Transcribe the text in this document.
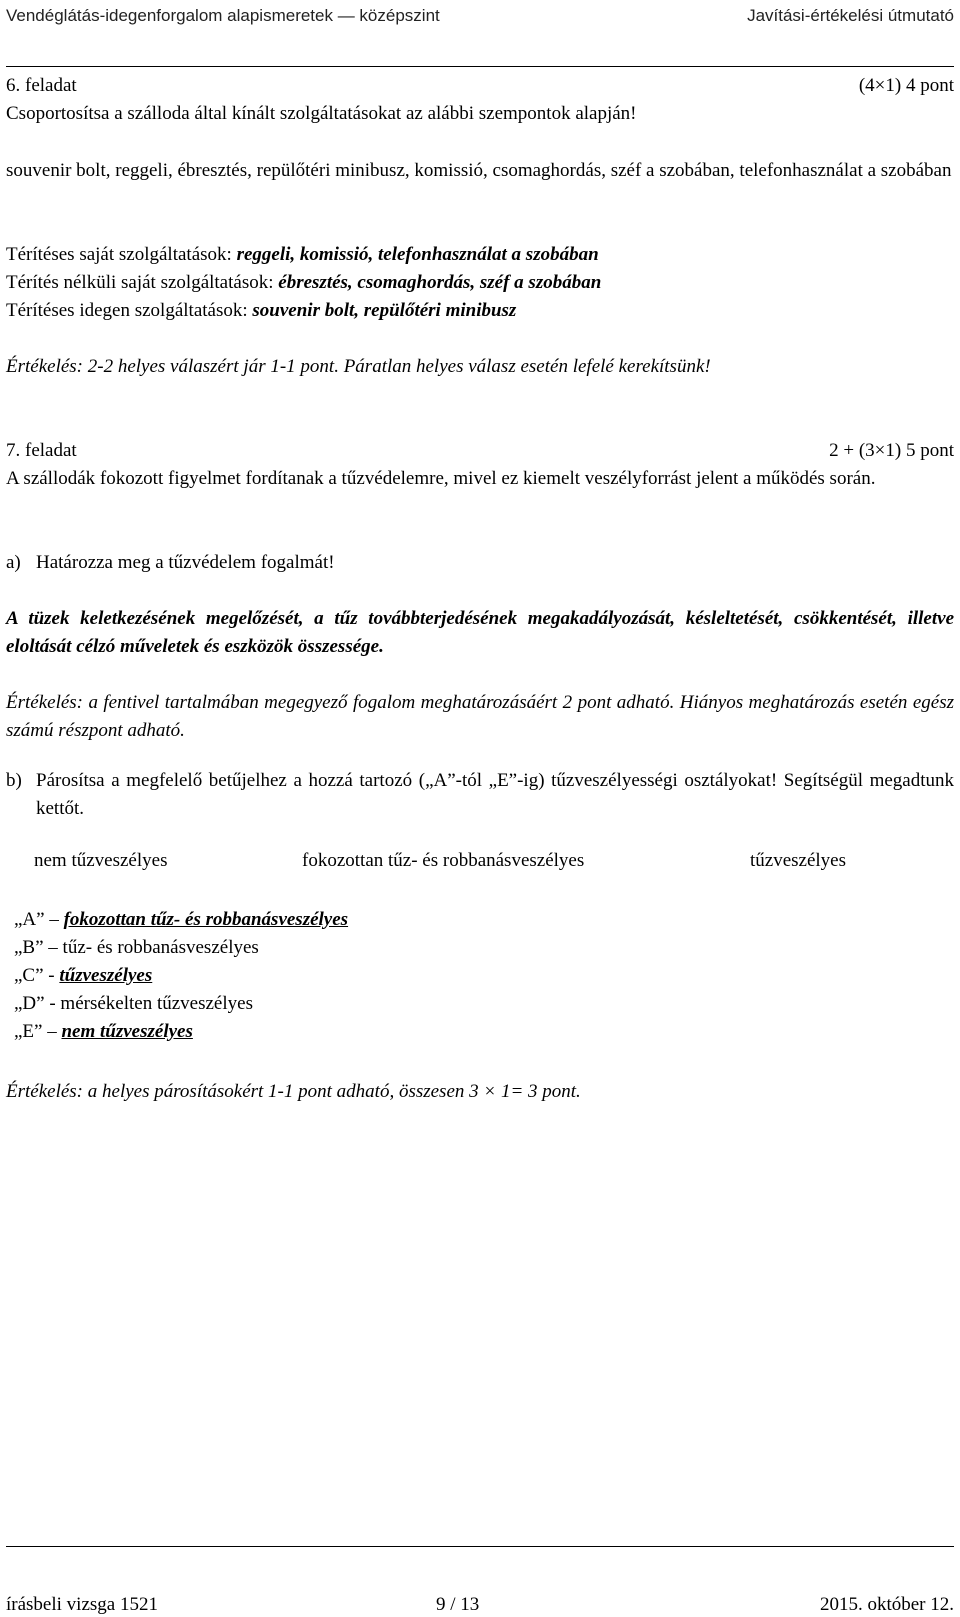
Vendéglátás-idegenforgalom alapismeretek — középszint	Javítási-értékelési útmutató
6. feladat	(4×1) 4 pont
Csoportosítsa a szálloda által kínált szolgáltatásokat az alábbi szempontok alapján!

souvenir bolt, reggeli, ébresztés, repülőtéri minibusz, komissió, csomaghordás, széf a szobában, telefonhasználat a szobában

Térítéses saját szolgáltatások: reggeli, komissió, telefonhasználat a szobában
Térítés nélküli saját szolgáltatások: ébresztés, csomaghordás, széf a szobában
Térítéses idegen szolgáltatások: souvenir bolt, repülőtéri minibusz

Értékelés: 2-2 helyes válaszért jár 1-1 pont. Páratlan helyes válasz esetén lefelé kerekítsünk!

7. feladat	2 + (3×1) 5 pont

A szállodák fokozott figyelmet fordítanak a tűzvédelemre, mivel ez kiemelt veszélyforrást jelent a működés során.

a) Határozza meg a tűzvédelem fogalmát!

A tüzek keletkezésének megelőzését, a tűz továbbterjedésének megakadályozását, késleltetését, csökkentését, illetve eloltását célzó műveletek és eszközök összessége.

Értékelés: a fentivel tartalmában megegyező fogalom meghatározásáért 2 pont adható. Hiányos meghatározás esetén egész számú részpont adható.

b) Párosítsa a megfelelő betűjelhez a hozzá tartozó („A”-tól „E”-ig) tűzveszélyességi osztályokat! Segítségül megadtunk kettőt.
nem tűzveszélyes	fokozottan tűz- és robbanásveszélyes	tűzveszélyes
„A” – fokozottan tűz- és robbanásveszélyes
„B” – tűz- és robbanásveszélyes
„C” - tűzveszélyes
„D” - mérsékelten tűzveszélyes
„E” – nem tűzveszélyes

Értékelés: a helyes párosításokért 1-1 pont adható, összesen 3 × 1= 3 pont.

írásbeli vizsga 1521	9 / 13	2015. október 12.
